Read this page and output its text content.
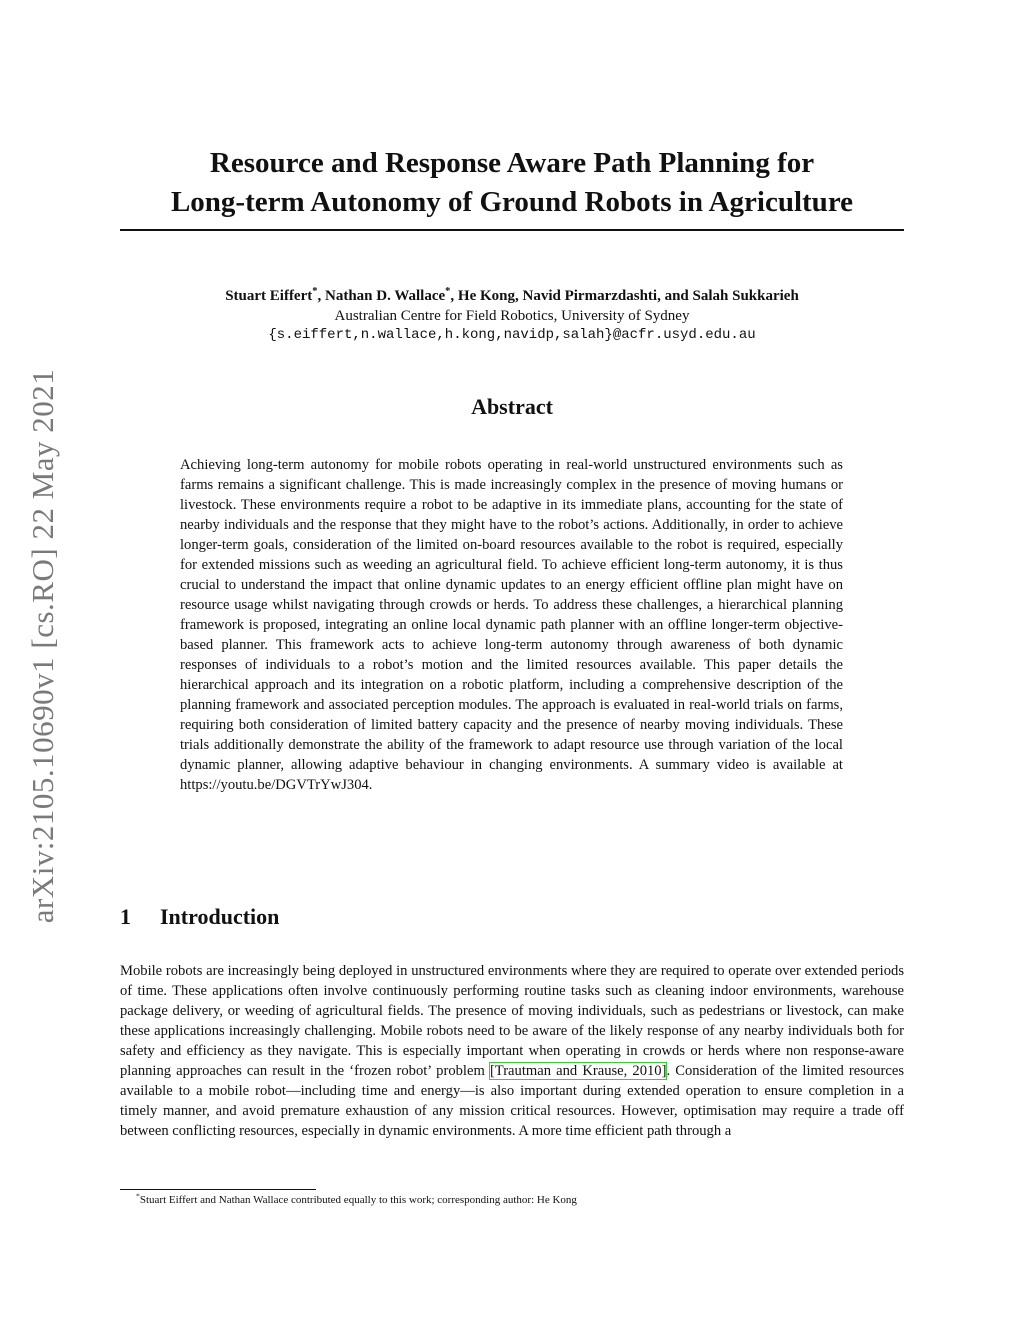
arXiv:2105.10690v1 [cs.RO] 22 May 2021
Resource and Response Aware Path Planning for
Long-term Autonomy of Ground Robots in Agriculture
Stuart Eiffert*, Nathan D. Wallace*, He Kong, Navid Pirmarzdashti, and Salah Sukkarieh
Australian Centre for Field Robotics, University of Sydney
{s.eiffert,n.wallace,h.kong,navidp,salah}@acfr.usyd.edu.au
Abstract

Achieving long-term autonomy for mobile robots operating in real-world unstructured environments such as farms remains a significant challenge. This is made increasingly complex in the presence of moving humans or livestock. These environments require a robot to be adaptive in its immediate plans, accounting for the state of nearby individuals and the response that they might have to the robot’s actions. Additionally, in order to achieve longer-term goals, consideration of the limited on-board resources available to the robot is required, especially for extended missions such as weeding an agricultural field. To achieve efficient long-term autonomy, it is thus crucial to understand the impact that online dynamic updates to an energy efficient offline plan might have on resource usage whilst navigating through crowds or herds. To address these challenges, a hierarchical planning framework is proposed, integrating an online local dynamic path planner with an offline longer-term objective-based planner. This framework acts to achieve long-term autonomy through awareness of both dynamic responses of individuals to a robot’s motion and the limited resources available. This paper details the hierarchical approach and its integration on a robotic platform, including a comprehensive description of the planning framework and associated perception modules. The approach is evaluated in real-world trials on farms, requiring both consideration of limited battery capacity and the presence of nearby moving individuals. These trials additionally demonstrate the ability of the framework to adapt resource use through variation of the local dynamic planner, allowing adaptive behaviour in changing environments. A summary video is available at https://youtu.be/DGVTrYwJ304.

1 Introduction

Mobile robots are increasingly being deployed in unstructured environments where they are required to operate over extended periods of time. These applications often involve continuously performing routine tasks such as cleaning indoor environments, warehouse package delivery, or weeding of agricultural fields. The presence of moving individuals, such as pedestrians or livestock, can make these applications increasingly challenging. Mobile robots need to be aware of the likely response of any nearby individuals both for safety and efficiency as they navigate. This is especially important when operating in crowds or herds where non response-aware planning approaches can result in the ‘frozen robot’ problem [Trautman and Krause, 2010]. Consideration of the limited resources available to a mobile robot—including time and energy—is also important during extended operation to ensure completion in a timely manner, and avoid premature exhaustion of any mission critical resources. However, optimisation may require a trade off between conflicting resources, especially in dynamic environments. A more time efficient path through a

*Stuart Eiffert and Nathan Wallace contributed equally to this work; corresponding author: He Kong
